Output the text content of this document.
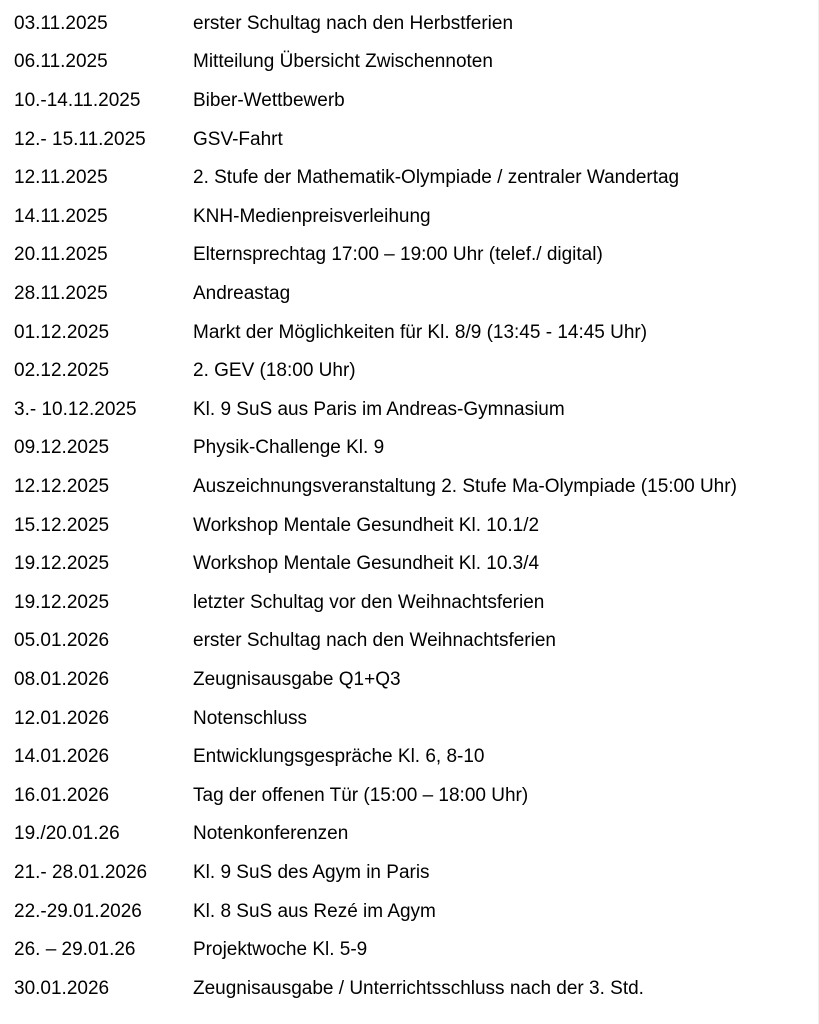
03.11.2025	erster Schultag nach den Herbstferien
06.11.2025	Mitteilung Übersicht Zwischennoten
10.-14.11.2025	Biber-Wettbewerb
12.- 15.11.2025	GSV-Fahrt
12.11.2025	2. Stufe der Mathematik-Olympiade / zentraler Wandertag
14.11.2025	KNH-Medienpreisverleihung
20.11.2025	Elternsprechtag 17:00 – 19:00 Uhr (telef./ digital)
28.11.2025	Andreastag
01.12.2025	Markt der Möglichkeiten für Kl. 8/9 (13:45 - 14:45 Uhr)
02.12.2025	2. GEV (18:00 Uhr)
3.- 10.12.2025	Kl. 9 SuS aus Paris im Andreas-Gymnasium
09.12.2025	Physik-Challenge Kl. 9
12.12.2025	Auszeichnungsveranstaltung 2. Stufe Ma-Olympiade (15:00 Uhr)
15.12.2025	Workshop Mentale Gesundheit Kl. 10.1/2
19.12.2025	Workshop Mentale Gesundheit Kl. 10.3/4
19.12.2025	letzter Schultag vor den Weihnachtsferien
05.01.2026	erster Schultag nach den Weihnachtsferien
08.01.2026	Zeugnisausgabe Q1+Q3
12.01.2026	Notenschluss
14.01.2026	Entwicklungsgespräche Kl. 6, 8-10
16.01.2026	Tag der offenen Tür (15:00 – 18:00 Uhr)
19./20.01.26	Notenkonferenzen
21.- 28.01.2026	Kl. 9 SuS des Agym in Paris
22.-29.01.2026	Kl. 8 SuS aus Rezé im Agym
26. – 29.01.26	Projektwoche Kl. 5-9
30.01.2026	Zeugnisausgabe / Unterrichtsschluss nach der 3. Std.
